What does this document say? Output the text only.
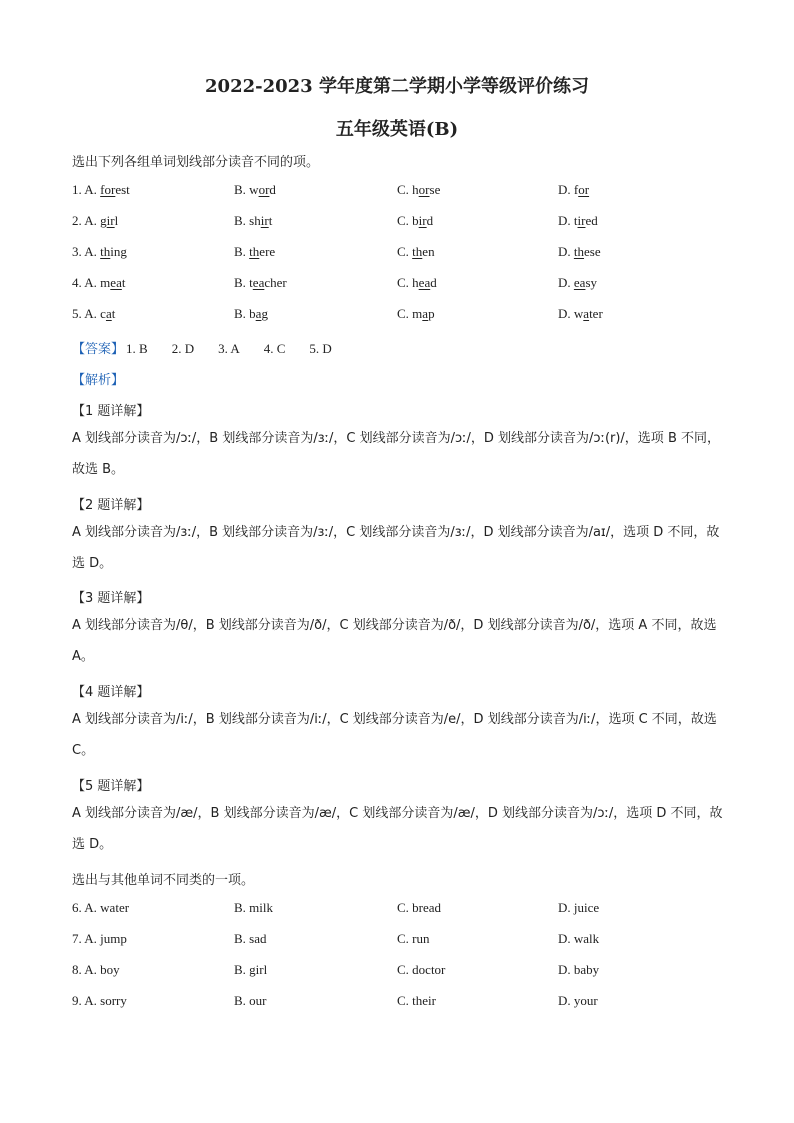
2022-2023 学年度第二学期小学等级评价练习
五年级英语(B)
选出下列各组单词划线部分读音不同的项。
1. A. forest	B. word	C. horse	D. for
2. A. girl	B. shirt	C. bird	D. tired
3. A. thing	B. there	C. then	D. these
4. A. meat	B. teacher	C. head	D. easy
5. A. cat	B. bag	C. map	D. water
【答案】 1. B 2. D 3. A 4. C 5. D
【解析】
【1 题详解】
A 划线部分读音为/ɔː/，B 划线部分读音为/ɜː/，C 划线部分读音为/ɔː/，D 划线部分读音为/ɔː(r)/，选项 B 不同，故选 B。
【2 题详解】
A 划线部分读音为/ɜː/，B 划线部分读音为/ɜː/，C 划线部分读音为/ɜː/，D 划线部分读音为/aɪ/，选项 D 不同，故选 D。
【3 题详解】
A 划线部分读音为/θ/，B 划线部分读音为/ð/，C 划线部分读音为/ð/，D 划线部分读音为/ð/，选项 A 不同，故选 A。
【4 题详解】
A 划线部分读音为/iː/，B 划线部分读音为/iː/，C 划线部分读音为/e/，D 划线部分读音为/iː/，选项 C 不同，故选 C。
【5 题详解】
A 划线部分读音为/æ/，B 划线部分读音为/æ/，C 划线部分读音为/æ/，D 划线部分读音为/ɔː/，选项 D 不同，故选 D。
选出与其他单词不同类的一项。
6. A. water	B. milk	C. bread	D. juice
7. A. jump	B. sad	C. run	D. walk
8. A. boy	B. girl	C. doctor	D. baby
9. A. sorry	B. our	C. their	D. your
